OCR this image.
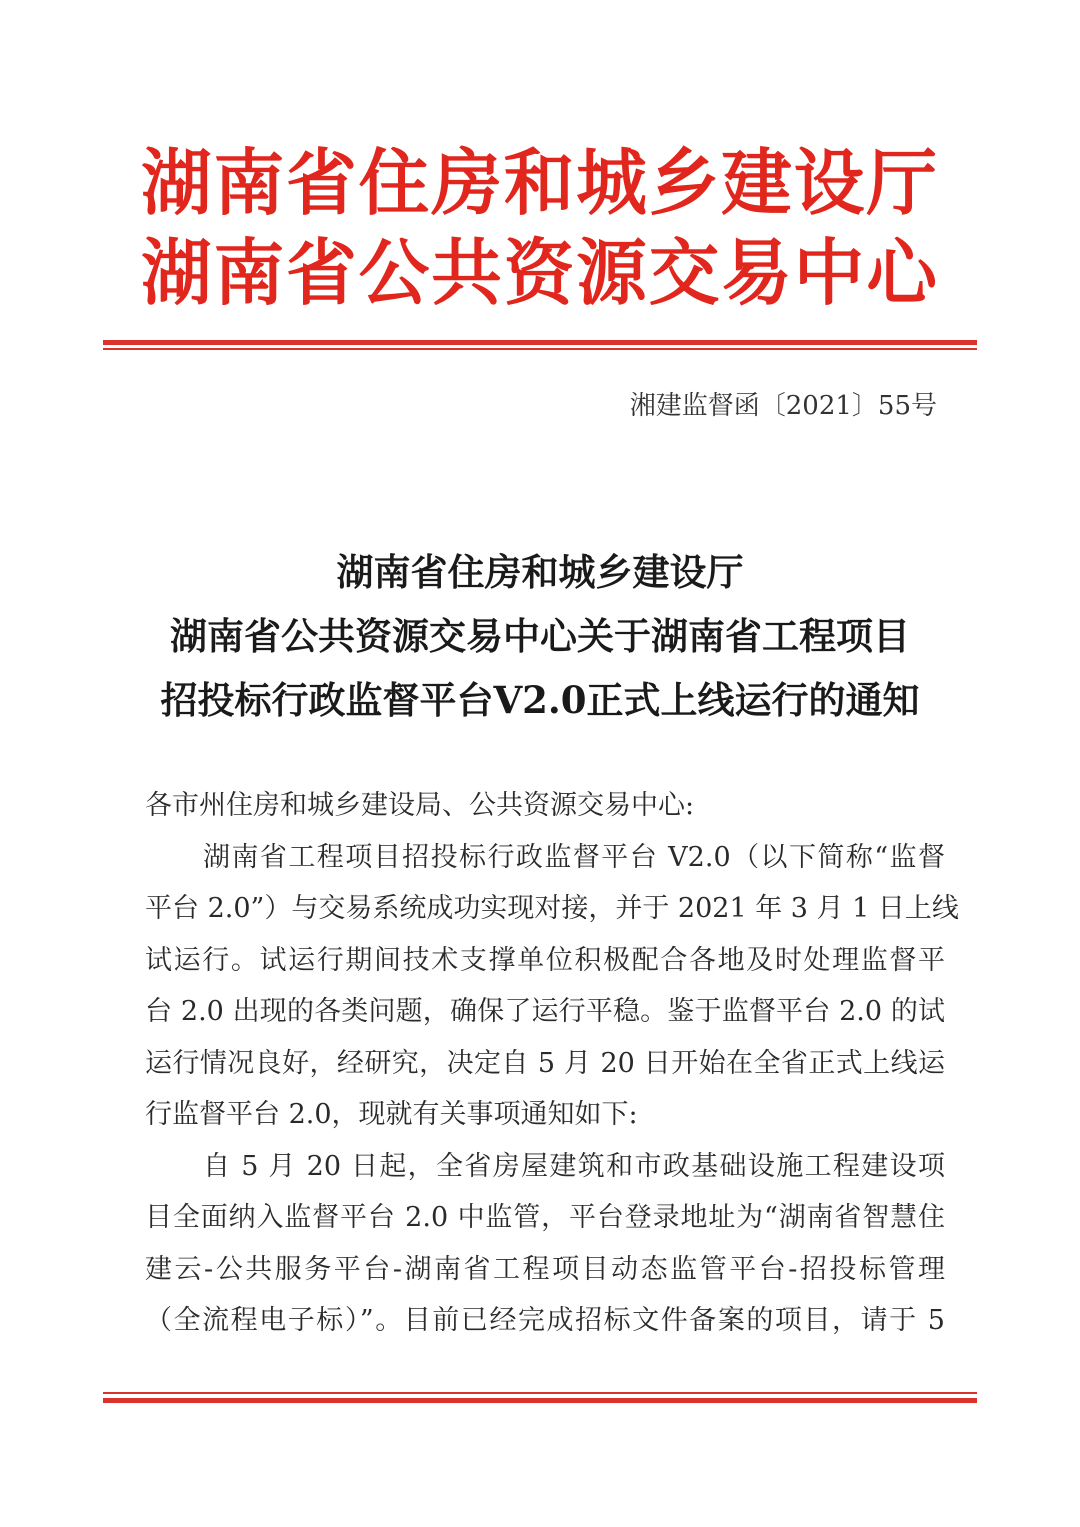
湖南省住房和城乡建设厅
湖南省公共资源交易中心
湘建监督函〔2021〕55号
湖南省住房和城乡建设厅
湖南省公共资源交易中心关于湖南省工程项目
招投标行政监督平台V2.0正式上线运行的通知
各市州住房和城乡建设局、公共资源交易中心:
湖南省工程项目招投标行政监督平台 V2.0（以下简称“监督
平台 2.0”）与交易系统成功实现对接，并于 2021 年 3 月 1 日上线
试运行。试运行期间技术支撑单位积极配合各地及时处理监督平
台 2.0 出现的各类问题，确保了运行平稳。鉴于监督平台 2.0 的试
运行情况良好，经研究，决定自 5 月 20 日开始在全省正式上线运
行监督平台 2.0，现就有关事项通知如下:
自 5 月 20 日起，全省房屋建筑和市政基础设施工程建设项
目全面纳入监督平台 2.0 中监管，平台登录地址为“湖南省智慧住
建云-公共服务平台-湖南省工程项目动态监管平台-招投标管理
（全流程电子标）”。目前已经完成招标文件备案的项目，请于 5
